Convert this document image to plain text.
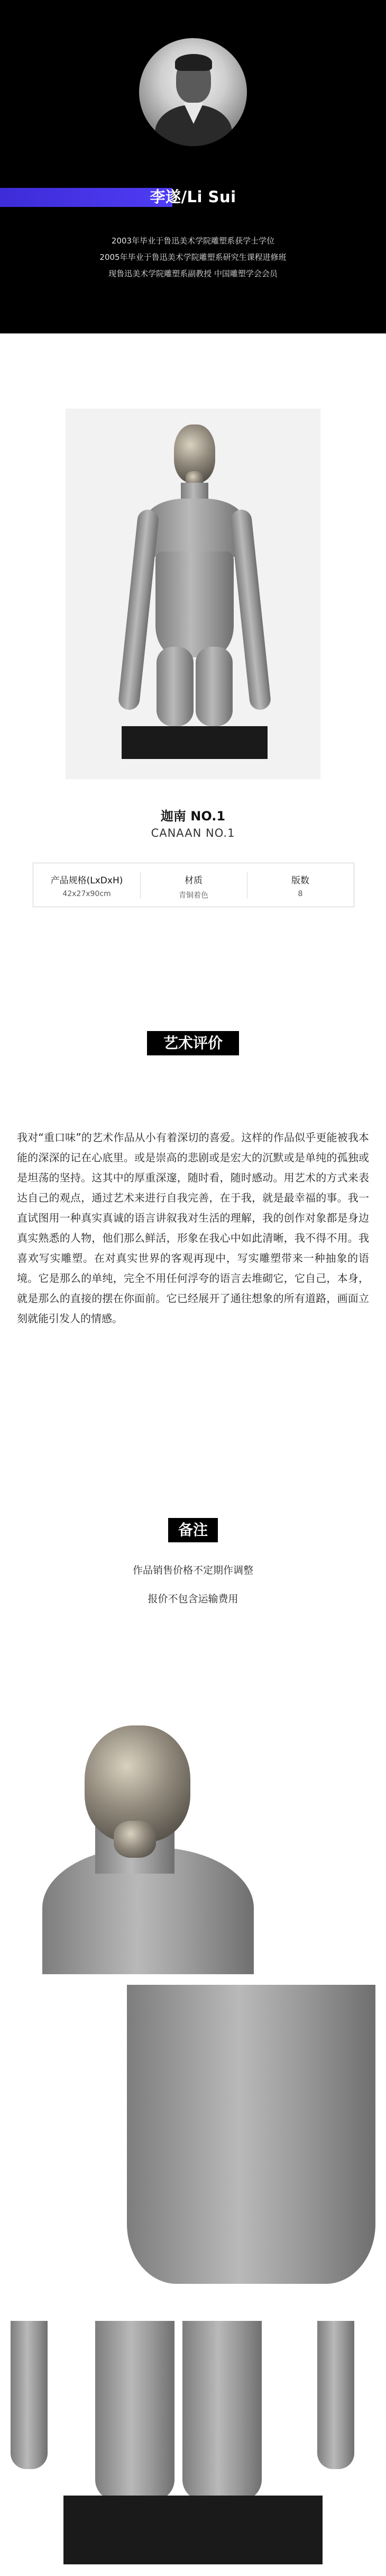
李遂/Li Sui
2003年毕业于鲁迅美术学院雕塑系获学士学位
2005年毕业于鲁迅美术学院雕塑系研究生课程进修班
现鲁迅美术学院雕塑系副教授 中国雕塑学会会员
迦南 NO.1
CANAAN NO.1
产品规格(LxDxH)
42x27x90cm
材质
青铜着色
版数
8
艺术评价
我对“重口味”的艺术作品从小有着深切的喜爱。这样的作品似乎更能被我本能的深深的记在心底里。或是崇高的悲剧或是宏大的沉默或是单纯的孤独或是坦荡的坚持。这其中的厚重深邃，随时看，随时感动。用艺术的方式来表达自己的观点，通过艺术来进行自我完善，在于我，就是最幸福的事。我一直试图用一种真实真诚的语言讲叙我对生活的理解，我的创作对象都是身边真实熟悉的人物，他们那么鲜活，形象在我心中如此清晰，我不得不用。我喜欢写实雕塑。在对真实世界的客观再现中，写实雕塑带来一种抽象的语境。它是那么的单纯，完全不用任何浮夸的语言去堆砌它，它自己，本身，就是那么的直接的摆在你面前。它已经展开了通往想象的所有道路，画面立刻就能引发人的情感。
备注
作品销售价格不定期作调整
报价不包含运输费用
